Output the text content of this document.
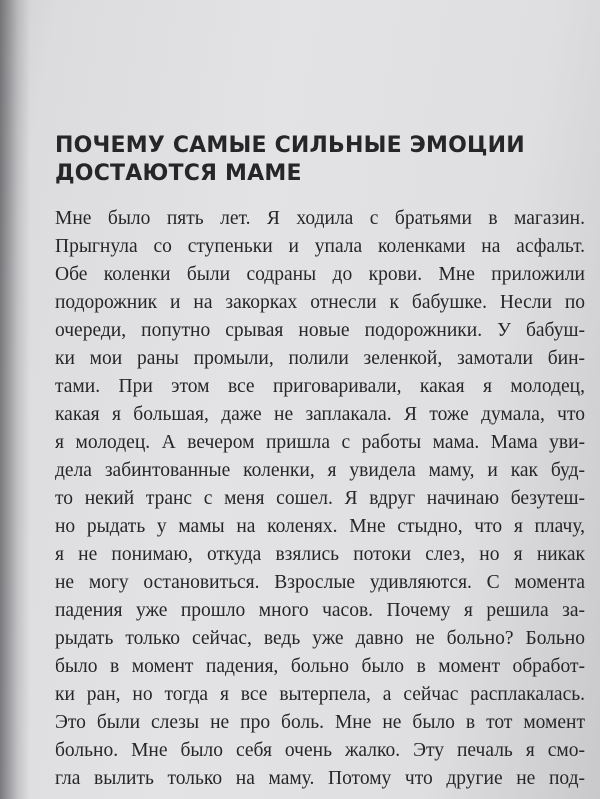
ПОЧЕМУ САМЫЕ СИЛЬНЫЕ ЭМОЦИИ
ДОСТАЮТСЯ МАМЕ
Мне было пять лет. Я ходила с братьями в магазин.
Прыгнула со ступеньки и упала коленками на асфальт.
Обе коленки были содраны до крови. Мне приложили
подорожник и на закорках отнесли к бабушке. Несли по
очереди, попутно срывая новые подорожники. У бабуш-
ки мои раны промыли, полили зеленкой, замотали бин-
тами. При этом все приговаривали, какая я молодец,
какая я большая, даже не заплакала. Я тоже думала, что
я молодец. А вечером пришла с работы мама. Мама уви-
дела забинтованные коленки, я увидела маму, и как буд-
то некий транс с меня сошел. Я вдруг начинаю безутеш-
но рыдать у мамы на коленях. Мне стыдно, что я плачу,
я не понимаю, откуда взялись потоки слез, но я никак
не могу остановиться. Взрослые удивляются. С момента
падения уже прошло много часов. Почему я решила за-
рыдать только сейчас, ведь уже давно не больно? Больно
было в момент падения, больно было в момент обработ-
ки ран, но тогда я все вытерпела, а сейчас расплакалась.
Это были слезы не про боль. Мне не было в тот момент
больно. Мне было себя очень жалко. Эту печаль я смо-
гла вылить только на маму. Потому что другие не под-
